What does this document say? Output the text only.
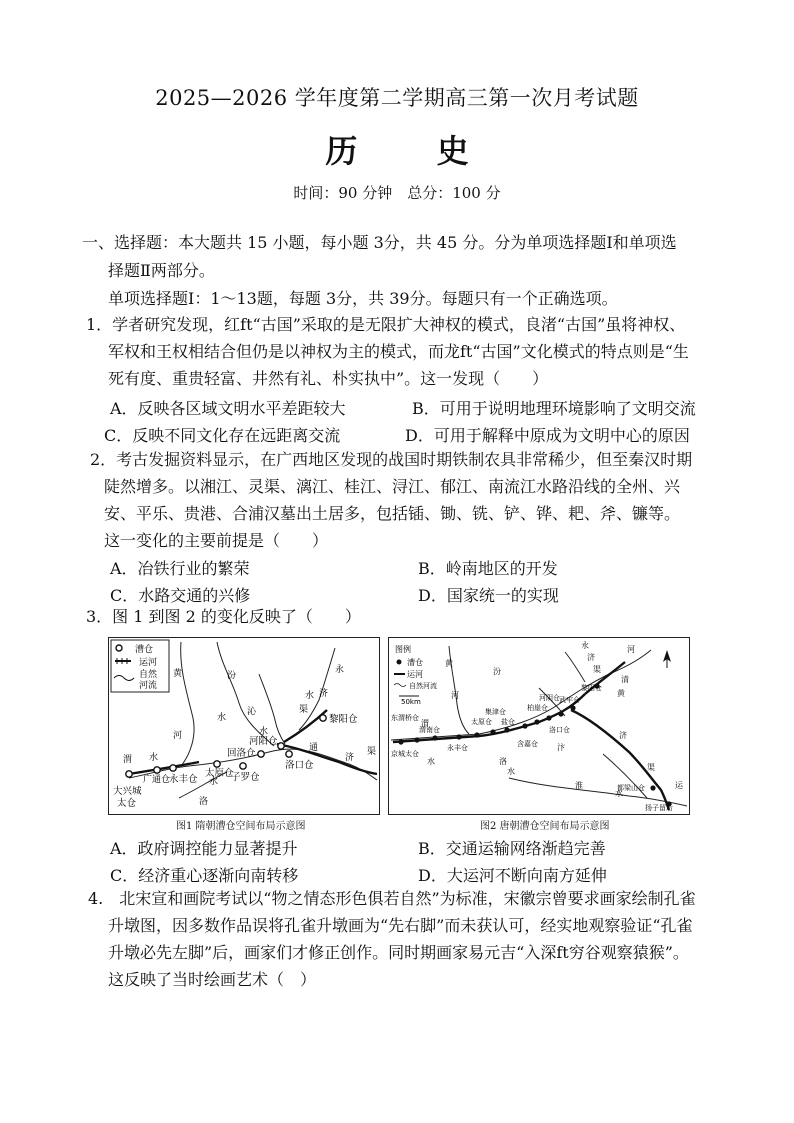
2025—2026 学年度第二学期高三第一次月考试题
历 史
时间：90 分钟　总分：100 分
一、选择题：本大题共 15 小题，每小题 3分，共 45 分。分为单项选择题Ⅰ和单项选
择题Ⅱ两部分。
单项选择题Ⅰ：1～13题，每题 3分，共 39分。每题只有一个正确选项。
1．学者研究发现，红ft“古国”采取的是无限扩大神权的模式，良渚“古国”虽将神权、
军权和王权相结合但仍是以神权为主的模式，而龙ft“古国”文化模式的特点则是“生
死有度、重贵轻富、井然有礼、朴实执中”。这一发现（　　）
A．反映各区域文明水平差距较大	B．可用于说明地理环境影响了文明交流
C．反映不同文化存在远距离交流	D．可用于解释中原成为文明中心的原因
2．考古发掘资料显示，在广西地区发现的战国时期铁制农具非常稀少，但至秦汉时期
陡然增多。以湘江、灵渠、漓江、桂江、浔江、郁江、南流江水路沿线的全州、兴
安、平乐、贵港、合浦汉墓出土居多，包括锸、锄、铣、铲、铧、耙、斧、镰等。
这一变化的主要前提是（　　）
A．冶铁行业的繁荣	B．岭南地区的开发
C．水路交通的兴修	D．国家统一的实现
3．图 1 到图 2 的变化反映了（　　）
漕仓
运河
自然
河流
黄
河
汾
水
沁
水
水
永
济
渠
通
济
渠
渭 水
洛
水
黎阳仓
河阳仓
回洛仓
洛口仓
太原仓
子罗仓
永丰仓
广通仓
大兴城
太仓
图例
漕仓
运河
自然河流
50km
黄
河
汾
永
济
渠
济
汴
渠
淮
水
清
渭
水	洛
水
河
黄
运
东渭桥仓
渭南仓
京城太仓
永丰仓
太原仓
集津仓
盐仓
含嘉仓
柏崖仓
河阴仓
洛口仓
武牢仓
黎阳仓
都梁山仓
扬子留后
图1 隋朝漕仓空间布局示意图	图2 唐朝漕仓空间布局示意图
A．政府调控能力显著提升	B．交通运输网络渐趋完善
C．经济重心逐渐向南转移	D．大运河不断向南方延伸
4.　北宋宣和画院考试以“物之情态形色俱若自然”为标准，宋徽宗曾要求画家绘制孔雀
升墩图，因多数作品误将孔雀升墩画为“先右脚”而未获认可，经实地观察验证“孔雀
升墩必先左脚”后，画家们才修正创作。同时期画家易元吉“入深ft穷谷观察猿猴”。
这反映了当时绘画艺术（　）
